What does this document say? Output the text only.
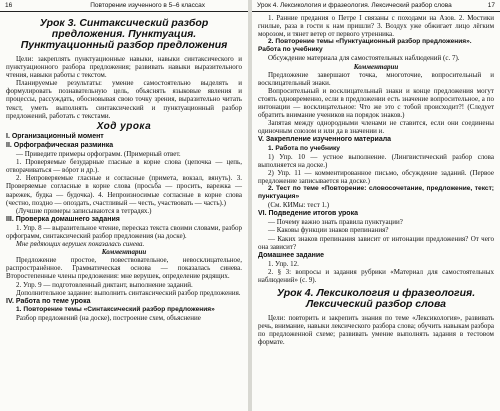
16	Повторение изученного в 5–6 классах
Урок 3. Синтаксический разбор предложения. Пунктуация. Пунктуационный разбор предложения

Цели: закреплять пунктуационные навыки, навыки синтаксического и пунктуационного разбора предложения; развивать навыки выразительного чтения, навыки работы с текстом.

Планируемые результаты: умение самостоятельно выделять и формулировать познавательную цель, объяснять языковые явления и процессы, рассуждать, обосновывая свою точку зрения, выразительно читать текст, уметь выполнять синтаксический и пунктуационный разбор предложений, работать с текстами.

Ход урока
I. Организационный момент
II. Орфографическая разминка

— Приведите примеры орфограмм. (Примерный ответ.

1. Проверяемые безударные гласные в корне слова (цепочка — цепь, отворачиваться — вóрот и др.).

2. Непроверяемые гласные и согласные (примета, вокзал, вянуть). 3. Проверяемые согласные в корне слова (просьба — просить, варежка — варежек, будка — будочка). 4. Непроизносимые согласные в корне слова (честно, поздно — опоздать, счастливый — честь, участвовать — часть).)

(Лучшие примеры записываются в тетрадях.)

III. Проверка домашнего задания

1. Упр. 8 — выразительное чтение, пересказ текста своими словами, разбор орфограмм, синтаксический разбор предложения (на доске).

Мне рядяющих верушек показалась синева.

Комментарии

Предложение простое, повествовательное, невосклицательное, распространённое. Грамматическая основа — показалась синева. Второстепенные члены предложения: мне верушек, определение рядящих.

2. Упр. 9 — подготовленный диктант, выполнение заданий.

Дополнительное задание: выполнить синтаксический разбор предложения.

IV. Работа по теме урока

1. Повторение темы «Синтаксический разбор предложения»

Разбор предложений (на доске), построение схем, объяснение

Урок 4. Лексикология и фразеология. Лексический разбор слова	17

1. Ранние предания о Петре I связаны с походами на Азов. 2. Мостики гнилые, раза в гости к нам пришли? 3. Воздух уже обжигает лицо лёгким морозом, и тянет ветер от первого утренника.

2. Повторение темы «Пунктуационный разбор предложения».

Работа по учебнику

Обсуждение материала для самостоятельных наблюдений (с. 7).

Комментарии

Предложение завершают точка, многоточие, вопросительный и восклицательный знаки.

Вопросительный и восклицательный знаки и конце предложения могут стоять одновременно, если в предложении есть значение вопросительное, а по интонации — восклицательное: Что же это с тобой происходит?! (Следует обратить внимание учеников на порядок знаков.)

Запятая между однородными членами не ставится, если они соединены одиночным союзом и или да в значении и.

V. Закрепление изученного материала
1. Работа по учебнику

1) Упр. 10 — устное выполнение. (Лингвистический разбор слова выполняется на доске.)

2) Упр. 11 — комментированное письмо, обсуждение заданий. (Первое предложение записывается на доске.)

2. Тест по теме «Повторение: словосочетание, предложение, текст; пунктуация»

(См. КИМы: тест 1.)

VI. Подведение итогов урока

— Почему важно знать правила пунктуации?

— Каковы функции знаков препинания?

— Каких знаков препинания зависит от интонации предложения? От чего она зависит?

Домашнее задание

1. Упр. 12.

2. § 3: вопросы и задания рубрики «Материал для самостоятельных наблюдений» (с. 9).

Урок 4. Лексикология и фразеология. Лексический разбор слова

Цели: повторить и закрепить знания по теме «Лексикология», развивать речь, внимание, навыки лексического разбора слова; обучить навыкам разбора по предложенной схеме; развивать умение выполнять задания в тестовом формате.
